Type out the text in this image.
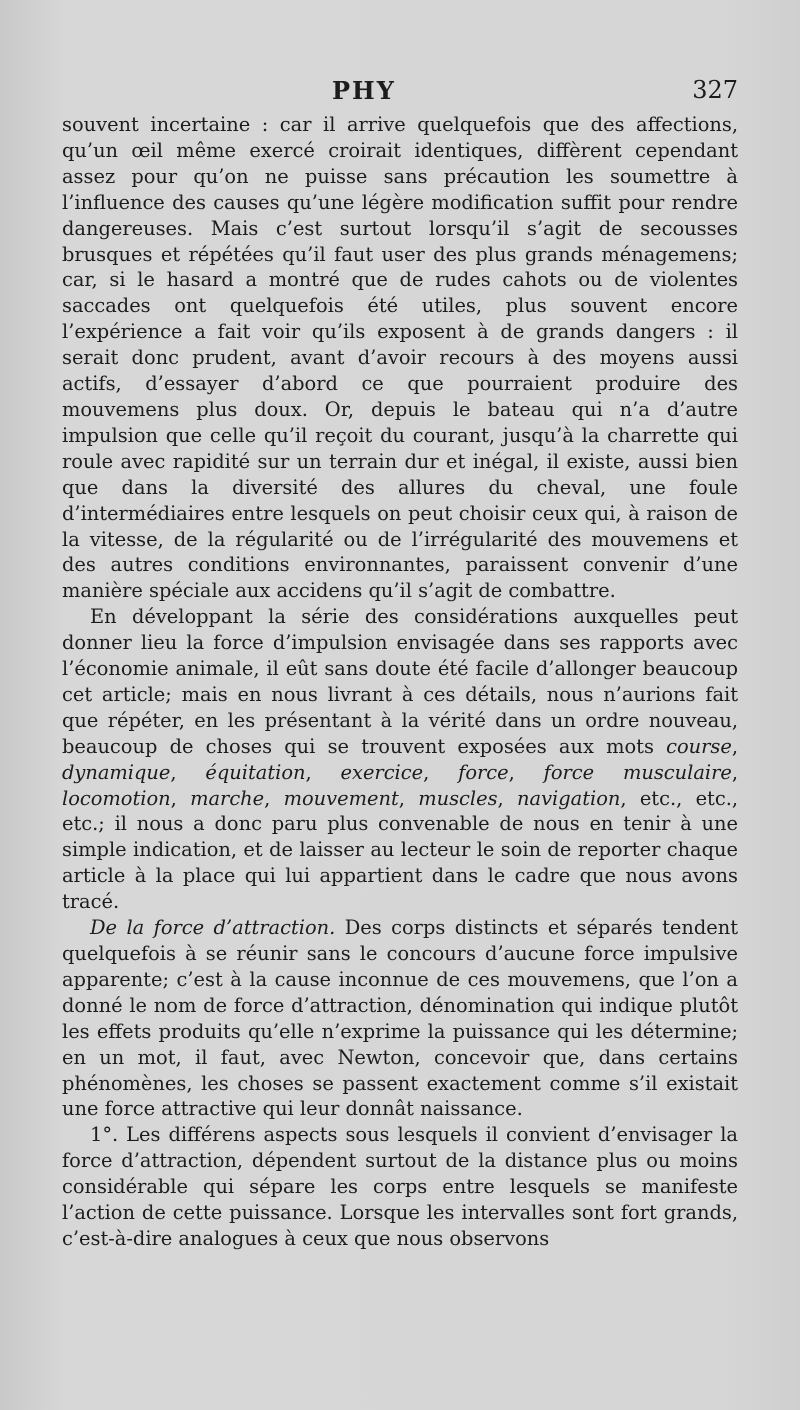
PHY	327

souvent incertaine : car il arrive quelquefois que des affections, qu’un œil même exercé croirait identiques, diffèrent cependant assez pour qu’on ne puisse sans précaution les soumettre à l’influence des causes qu’une légère modification suffit pour rendre dangereuses. Mais c’est surtout lorsqu’il s’agit de secousses brusques et répétées qu’il faut user des plus grands ménagemens; car, si le hasard a montré que de rudes cahots ou de violentes saccades ont quelquefois été utiles, plus souvent encore l’expérience a fait voir qu’ils exposent à de grands dangers : il serait donc prudent, avant d’avoir recours à des moyens aussi actifs, d’essayer d’abord ce que pourraient produire des mouvemens plus doux. Or, depuis le bateau qui n’a d’autre impulsion que celle qu’il reçoit du courant, jusqu’à la charrette qui roule avec rapidité sur un terrain dur et inégal, il existe, aussi bien que dans la diversité des allures du cheval, une foule d’intermédiaires entre lesquels on peut choisir ceux qui, à raison de la vitesse, de la régularité ou de l’irrégularité des mouvemens et des autres conditions environnantes, paraissent convenir d’une manière spéciale aux accidens qu’il s’agit de combattre.

En développant la série des considérations auxquelles peut donner lieu la force d’impulsion envisagée dans ses rapports avec l’économie animale, il eût sans doute été facile d’allonger beaucoup cet article; mais en nous livrant à ces détails, nous n’aurions fait que répéter, en les présentant à la vérité dans un ordre nouveau, beaucoup de choses qui se trouvent exposées aux mots course, dynamique, équitation, exercice, force, force musculaire, locomotion, marche, mouvement, muscles, navigation, etc., etc., etc.; il nous a donc paru plus convenable de nous en tenir à une simple indication, et de laisser au lecteur le soin de reporter chaque article à la place qui lui appartient dans le cadre que nous avons tracé.

De la force d’attraction. Des corps distincts et séparés tendent quelquefois à se réunir sans le concours d’aucune force impulsive apparente; c’est à la cause inconnue de ces mouvemens, que l’on a donné le nom de force d’attraction, dénomination qui indique plutôt les effets produits qu’elle n’exprime la puissance qui les détermine; en un mot, il faut, avec Newton, concevoir que, dans certains phénomènes, les choses se passent exactement comme s’il existait une force attractive qui leur donnât naissance.

1°. Les différens aspects sous lesquels il convient d’envisager la force d’attraction, dépendent surtout de la distance plus ou moins considérable qui sépare les corps entre lesquels se manifeste l’action de cette puissance. Lorsque les intervalles sont fort grands, c’est-à-dire analogues à ceux que nous observons
